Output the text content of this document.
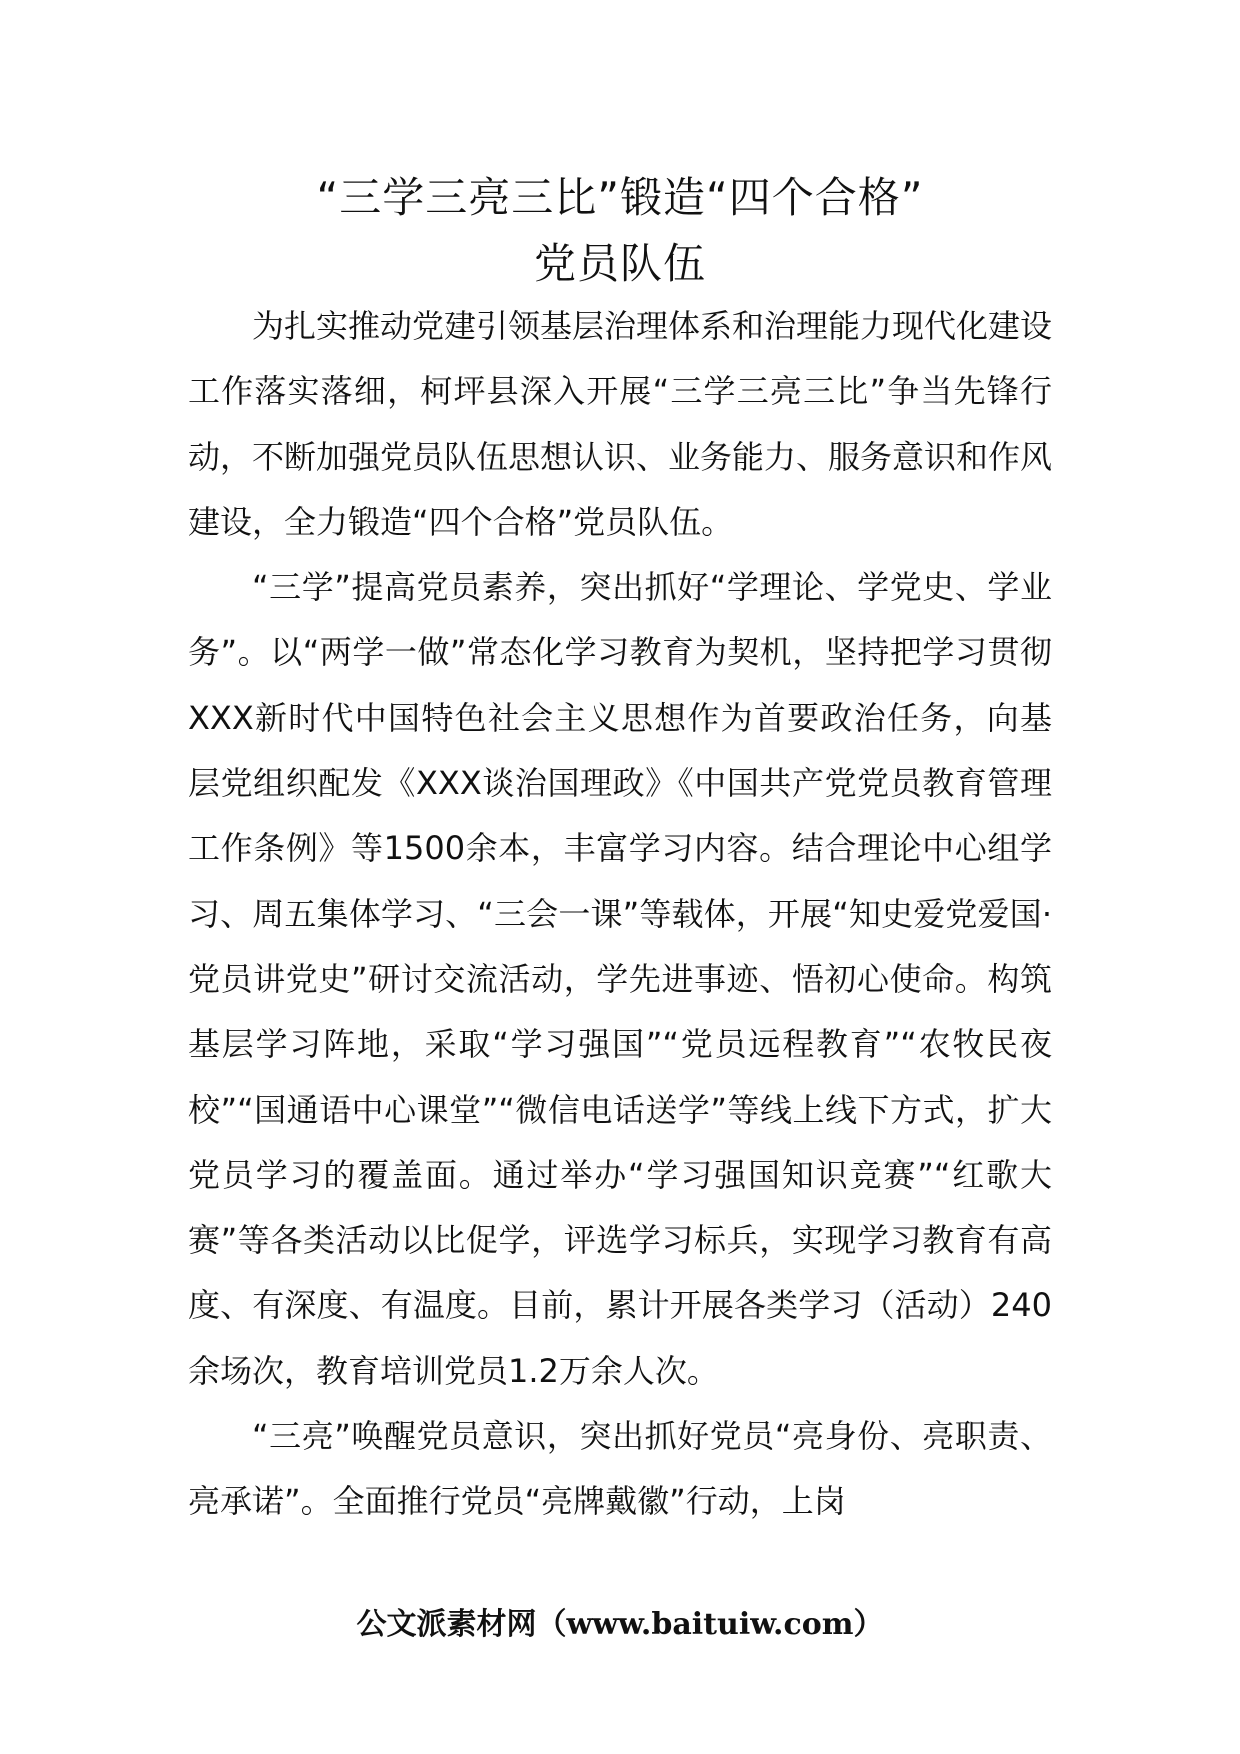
“三学三亮三比”锻造“四个合格”
党员队伍

为扎实推动党建引领基层治理体系和治理能力现代化建设工作落实落细，柯坪县深入开展“三学三亮三比”争当先锋行动，不断加强党员队伍思想认识、业务能力、服务意识和作风建设，全力锻造“四个合格”党员队伍。

“三学”提高党员素养，突出抓好“学理论、学党史、学业务”。以“两学一做”常态化学习教育为契机，坚持把学习贯彻XXX新时代中国特色社会主义思想作为首要政治任务，向基层党组织配发《XXX谈治国理政》《中国共产党党员教育管理工作条例》等1500余本，丰富学习内容。结合理论中心组学习、周五集体学习、“三会一课”等载体，开展“知史爱党爱国·党员讲党史”研讨交流活动，学先进事迹、悟初心使命。构筑基层学习阵地，采取“学习强国”“党员远程教育”“农牧民夜校”“国通语中心课堂”“微信电话送学”等线上线下方式，扩大党员学习的覆盖面。通过举办“学习强国知识竞赛”“红歌大赛”等各类活动以比促学，评选学习标兵，实现学习教育有高度、有深度、有温度。目前，累计开展各类学习（活动）240余场次，教育培训党员1.2万余人次。

“三亮”唤醒党员意识，突出抓好党员“亮身份、亮职责、亮承诺”。全面推行党员“亮牌戴徽”行动，上岗

公文派素材网（www.baituiw.com）
